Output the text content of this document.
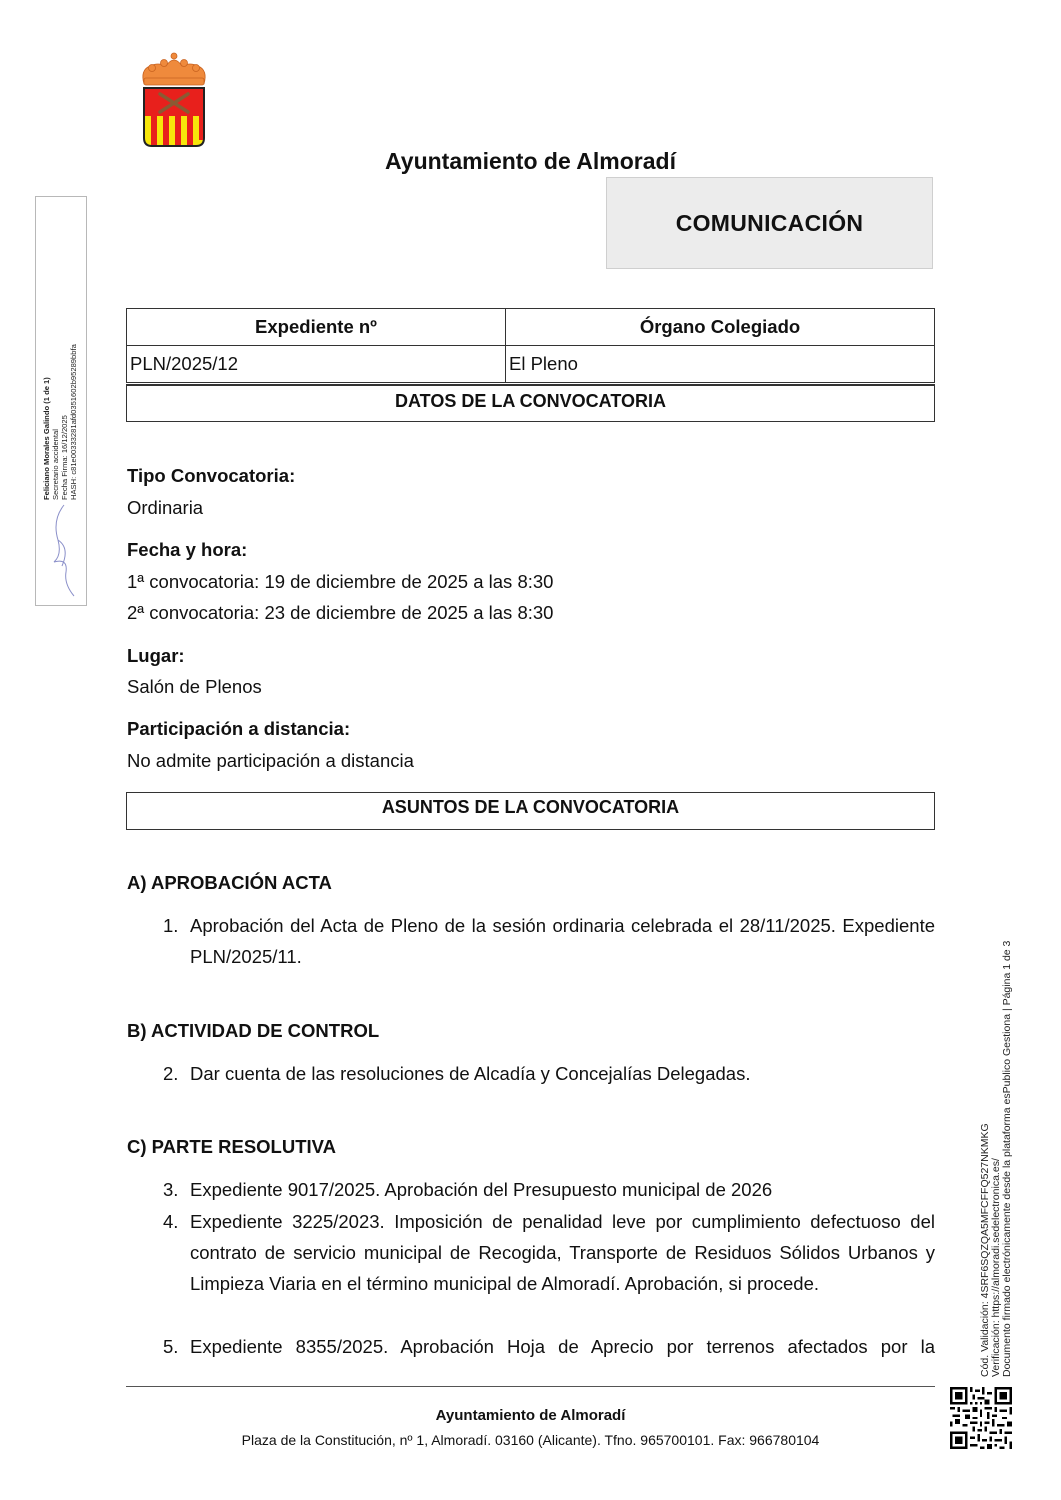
Ayuntamiento de Almoradí
COMUNICACIÓN
Feliciano Morales Galindo (1 de 1) Secretario accidental Fecha Firma: 16/12/2025 HASH: c81e00333281afd0351602b95289bbfa
Expediente nº	Órgano Colegiado
PLN/2025/12	El Pleno
DATOS DE LA CONVOCATORIA
Tipo Convocatoria:
Ordinaria
Fecha y hora:
1ª convocatoria: 19 de diciembre de 2025 a las 8:30
2ª convocatoria: 23 de diciembre de 2025 a las 8:30
Lugar:
Salón de Plenos
Participación a distancia:
No admite participación a distancia
ASUNTOS DE LA CONVOCATORIA
A) APROBACIÓN ACTA
1. Aprobación del Acta de Pleno de la sesión ordinaria celebrada el 28/11/2025. Expediente PLN/2025/11.
B) ACTIVIDAD DE CONTROL
2. Dar cuenta de las resoluciones de Alcadía y Concejalías Delegadas.
C) PARTE RESOLUTIVA
3. Expediente 9017/2025. Aprobación del Presupuesto municipal de 2026
4. Expediente 3225/2023. Imposición de penalidad leve por cumplimiento defectuoso del contrato de servicio municipal de Recogida, Transporte de Residuos Sólidos Urbanos y Limpieza Viaria en el término municipal de Almoradí. Aprobación, si procede.
5. Expediente 8355/2025. Aprobación Hoja de Aprecio por terrenos afectados por la
Ayuntamiento de Almoradí
Plaza de la Constitución, nº 1, Almoradí. 03160 (Alicante). Tfno. 965700101. Fax: 966780104
Cód. Validación: 4SRF6SQZQA5MFCFFQ527NKMKG Verificación: https://almoradi.sedelectronica.es/ Documento firmado electrónicamente desde la plataforma esPublico Gestiona | Página 1 de 3
